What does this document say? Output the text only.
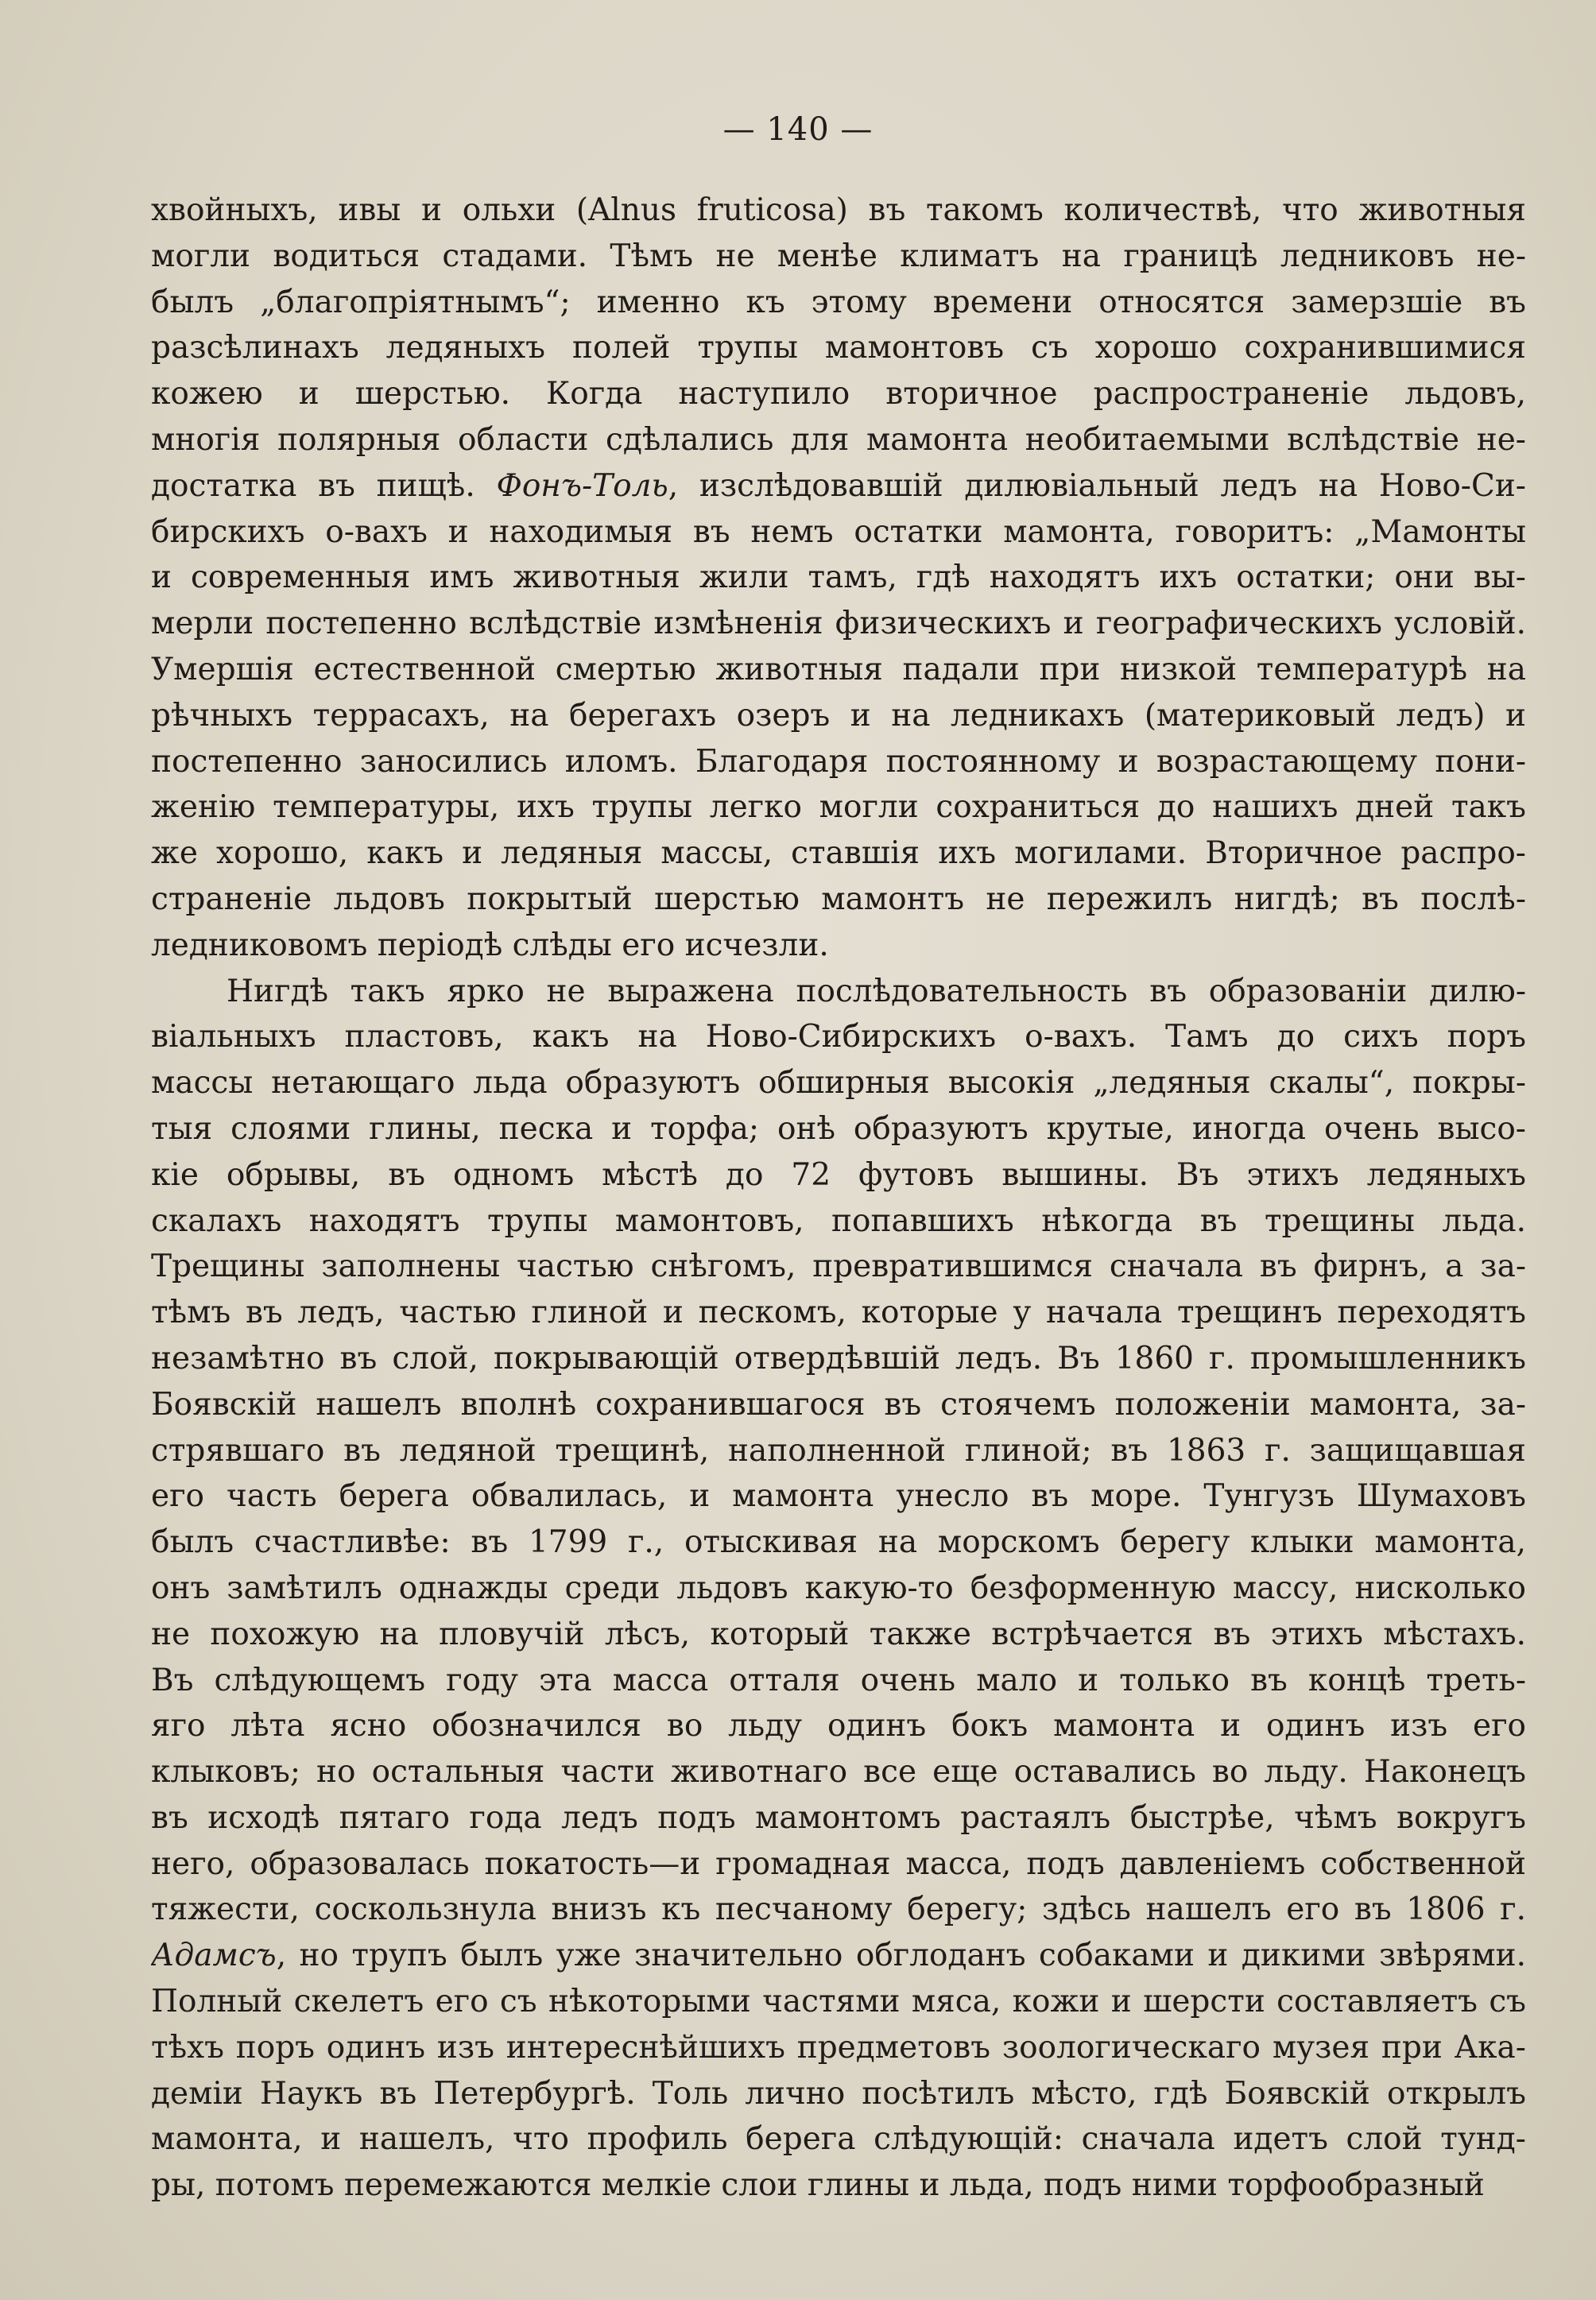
— 140 —
хвойныхъ, ивы и ольхи (Alnus fruticosa) въ такомъ количествѣ, что животныя
могли водиться стадами. Тѣмъ не менѣе климатъ на границѣ ледниковъ не-
былъ „благопріятнымъ“; именно къ этому времени относятся замерзшіе въ
разсѣлинахъ ледяныхъ полей трупы мамонтовъ съ хорошо сохранившимися
кожею и шерстью. Когда наступило вторичное распространеніе льдовъ,
многія полярныя области сдѣлались для мамонта необитаемыми вслѣдствіе не-
достатка въ пищѣ. Фонъ-Толь, изслѣдовавшій дилювіальный ледъ на Ново-Си-
бирскихъ о-вахъ и находимыя въ немъ остатки мамонта, говоритъ: „Мамонты
и современныя имъ животныя жили тамъ, гдѣ находятъ ихъ остатки; они вы-
мерли постепенно вслѣдствіе измѣненія физическихъ и географическихъ условій.
Умершія естественной смертью животныя падали при низкой температурѣ на
рѣчныхъ террасахъ, на берегахъ озеръ и на ледникахъ (материковый ледъ) и
постепенно заносились иломъ. Благодаря постоянному и возрастающему пони-
женію температуры, ихъ трупы легко могли сохраниться до нашихъ дней такъ
же хорошо, какъ и ледяныя массы, ставшія ихъ могилами. Вторичное распро-
страненіе льдовъ покрытый шерстью мамонтъ не пережилъ нигдѣ; въ послѣ-
ледниковомъ періодѣ слѣды его исчезли.
Нигдѣ такъ ярко не выражена послѣдовательность въ образованіи дилю-
віальныхъ пластовъ, какъ на Ново-Сибирскихъ о-вахъ. Тамъ до сихъ поръ
массы нетающаго льда образуютъ обширныя высокія „ледяныя скалы“, покры-
тыя слоями глины, песка и торфа; онѣ образуютъ крутые, иногда очень высо-
кіе обрывы, въ одномъ мѣстѣ до 72 футовъ вышины. Въ этихъ ледяныхъ
скалахъ находятъ трупы мамонтовъ, попавшихъ нѣкогда въ трещины льда.
Трещины заполнены частью снѣгомъ, превратившимся сначала въ фирнъ, а за-
тѣмъ въ ледъ, частью глиной и пескомъ, которые у начала трещинъ переходятъ
незамѣтно въ слой, покрывающій отвердѣвшій ледъ. Въ 1860 г. промышленникъ
Боявскій нашелъ вполнѣ сохранившагося въ стоячемъ положеніи мамонта, за-
стрявшаго въ ледяной трещинѣ, наполненной глиной; въ 1863 г. защищавшая
его часть берега обвалилась, и мамонта унесло въ море. Тунгузъ Шумаховъ
былъ счастливѣе: въ 1799 г., отыскивая на морскомъ берегу клыки мамонта,
онъ замѣтилъ однажды среди льдовъ какую-то безформенную массу, нисколько
не похожую на пловучій лѣсъ, который также встрѣчается въ этихъ мѣстахъ.
Въ слѣдующемъ году эта масса отталя очень мало и только въ концѣ треть-
яго лѣта ясно обозначился во льду одинъ бокъ мамонта и одинъ изъ его
клыковъ; но остальныя части животнаго все еще оставались во льду. Наконецъ
въ исходѣ пятаго года ледъ подъ мамонтомъ растаялъ быстрѣе, чѣмъ вокругъ
него, образовалась покатость—и громадная масса, подъ давленіемъ собственной
тяжести, соскользнула внизъ къ песчаному берегу; здѣсь нашелъ его въ 1806 г.
Адамсъ, но трупъ былъ уже значительно обглоданъ собаками и дикими звѣрями.
Полный скелетъ его съ нѣкоторыми частями мяса, кожи и шерсти составляетъ съ
тѣхъ поръ одинъ изъ интереснѣйшихъ предметовъ зоологическаго музея при Ака-
деміи Наукъ въ Петербургѣ. Толь лично посѣтилъ мѣсто, гдѣ Боявскій открылъ
мамонта, и нашелъ, что профиль берега слѣдующій: сначала идетъ слой тунд-
ры, потомъ перемежаются мелкіе слои глины и льда, подъ ними торфообразный
